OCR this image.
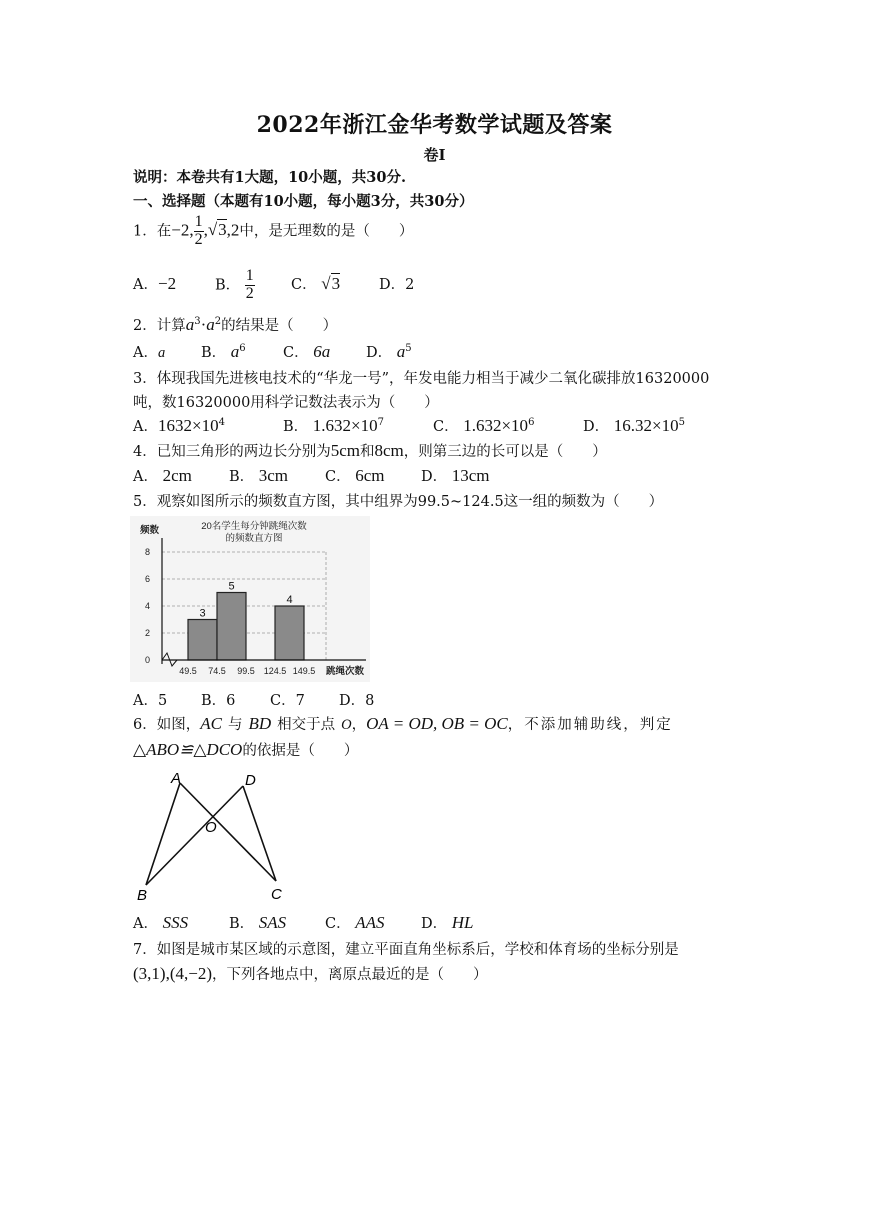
2022年浙江金华考数学试题及答案
卷Ⅰ
说明：本卷共有1大题，10小题，共30分.
一、选择题（本题有10小题，每小题3分，共30分）
1．在−2, $\frac{1}{2} ,√3,2$中，是无理数的是（　　）
A．−2	B． $\frac{1}{2}$ C． √3	D．2
2．计算$a^3\cdot a^2$的结果是（　　）
A．a B． $a^6$	C． 6a D． $a^5$
3．体现我国先进核电技术的“华龙一号”，年发电能力相当于减少二氧化碳排放16320000
吨，数16320000用科学记数法表示为（　　）
A．$1632\times 10^4$	B． $1.632\times 10^7$	C． $1.632\times 10^6$	D． $16.32\times 10^5$
4．已知三角形的两边长分别为5cm和8cm，则第三边的长可以是（　　）
A． 2cm	B． 3cm	C． 6cm	D． 13cm
5．观察如图所示的频数直方图，其中组界为99.5~124.5这一组的频数为（　　）
0
2
4
6
8
3
5
4
49.5 74.5 99.5 124.5 149.5
20名学生每分钟跳绳次数
的频数直方图
频数
跳绳次数
A．5 B．6 C．7 D．8
6．如图，AC 与 BD 相交于点 O，OA = OD, OB = OC，不添加辅助线，判定
△ABO≌△DCO的依据是（　　）
A	D
O
B	C
A． SSS	B． SAS	C． AAS	D． HL
7．如图是城市某区域的示意图，建立平面直角坐标系后，学校和体育场的坐标分别是
(3,1),(4,−2)，下列各地点中，离原点最近的是（　　）
